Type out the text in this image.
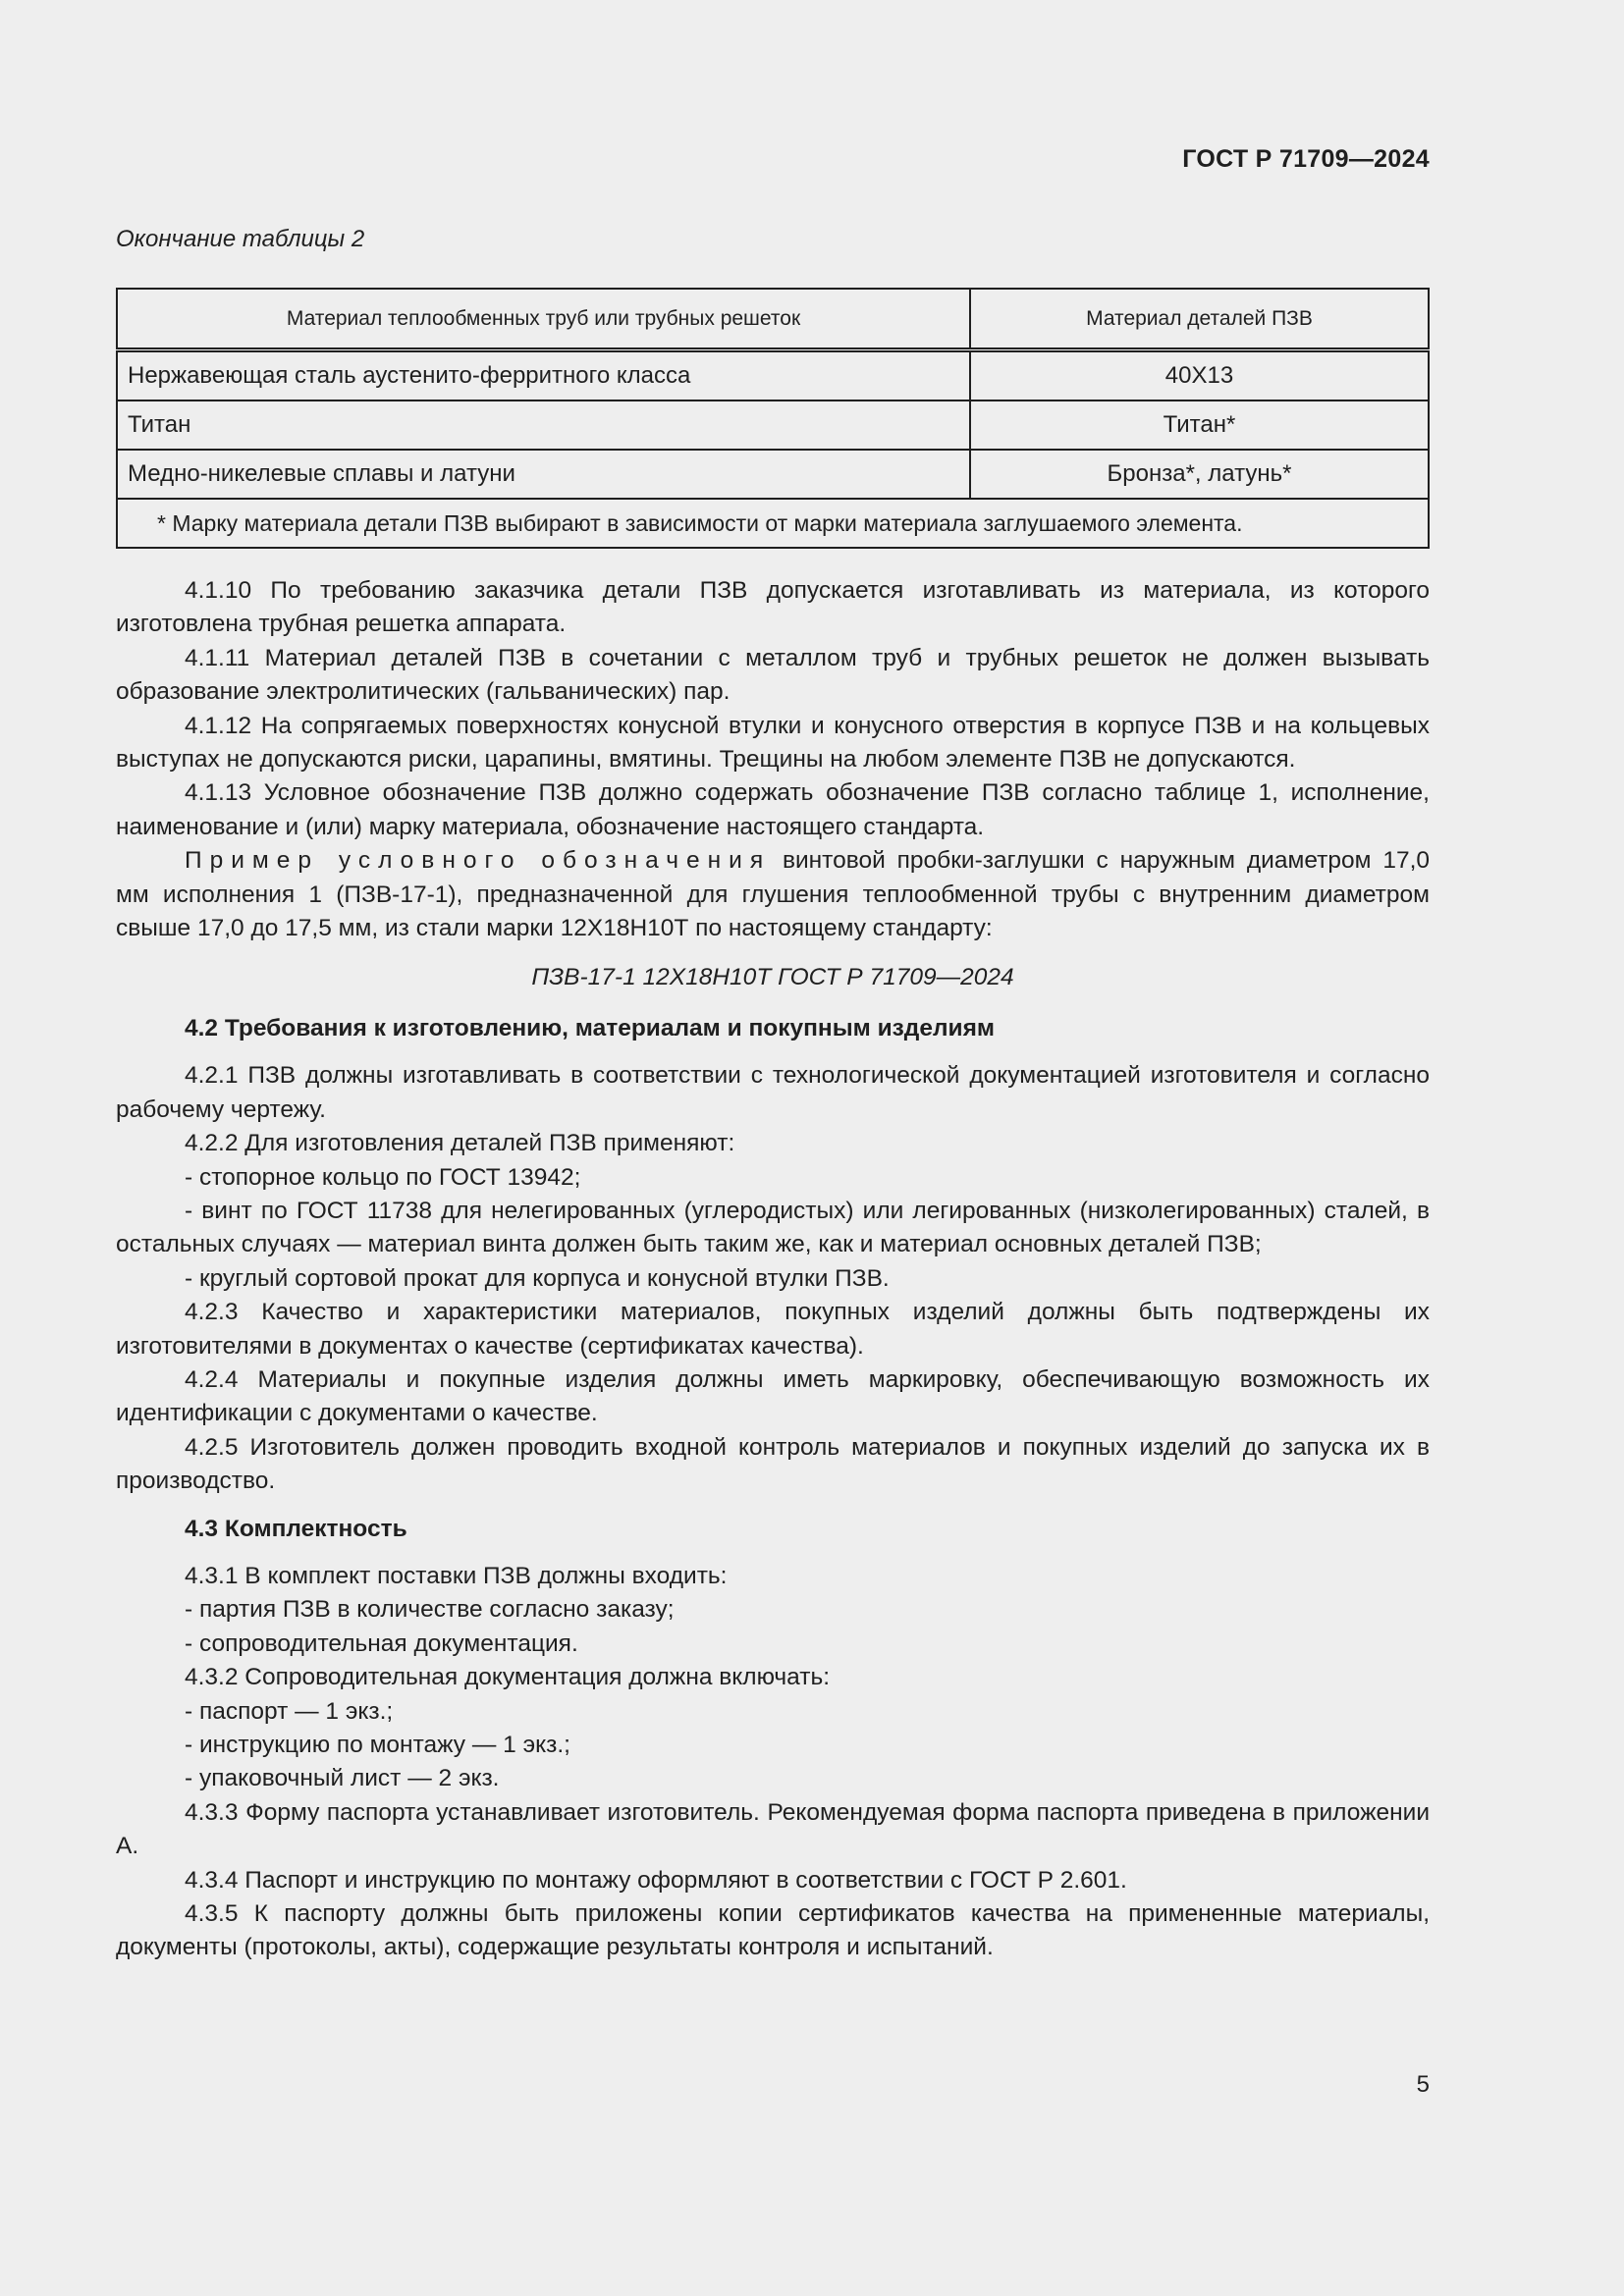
ГОСТ Р 71709—2024
Окончание таблицы 2
Материал теплообменных труб или трубных решеток	Материал деталей ПЗВ
Нержавеющая сталь аустенито-ферритного класса	40Х13
Титан	Титан*
Медно-никелевые сплавы и латуни	Бронза*, латунь*
* Марку материала детали ПЗВ выбирают в зависимости от марки материала заглушаемого элемента.	

4.1.10 По требованию заказчика детали ПЗВ допускается изготавливать из материала, из которого изготовлена трубная решетка аппарата.

4.1.11 Материал деталей ПЗВ в сочетании с металлом труб и трубных решеток не должен вызывать образование электролитических (гальванических) пар.

4.1.12 На сопрягаемых поверхностях конусной втулки и конусного отверстия в корпусе ПЗВ и на кольцевых выступах не допускаются риски, царапины, вмятины. Трещины на любом элементе ПЗВ не допускаются.

4.1.13 Условное обозначение ПЗВ должно содержать обозначение ПЗВ согласно таблице 1, исполнение, наименование и (или) марку материала, обозначение настоящего стандарта.

Пример условного обозначения винтовой пробки-заглушки с наружным диаметром 17,0 мм исполнения 1 (ПЗВ-17-1), предназначенной для глушения теплообменной трубы с внутренним диаметром свыше 17,0 до 17,5 мм, из стали марки 12Х18Н10Т по настоящему стандарту:

ПЗВ-17-1 12Х18Н10Т ГОСТ Р 71709—2024

4.2 Требования к изготовлению, материалам и покупным изделиям

4.2.1 ПЗВ должны изготавливать в соответствии с технологической документацией изготовителя и согласно рабочему чертежу.

4.2.2 Для изготовления деталей ПЗВ применяют:

- стопорное кольцо по ГОСТ 13942;

- винт по ГОСТ 11738 для нелегированных (углеродистых) или легированных (низколегированных) сталей, в остальных случаях — материал винта должен быть таким же, как и материал основных деталей ПЗВ;

- круглый сортовой прокат для корпуса и конусной втулки ПЗВ.

4.2.3 Качество и характеристики материалов, покупных изделий должны быть подтверждены их изготовителями в документах о качестве (сертификатах качества).

4.2.4 Материалы и покупные изделия должны иметь маркировку, обеспечивающую возможность их идентификации с документами о качестве.

4.2.5 Изготовитель должен проводить входной контроль материалов и покупных изделий до запуска их в производство.

4.3 Комплектность

4.3.1 В комплект поставки ПЗВ должны входить:

- партия ПЗВ в количестве согласно заказу;

- сопроводительная документация.

4.3.2 Сопроводительная документация должна включать:

- паспорт — 1 экз.;

- инструкцию по монтажу — 1 экз.;

- упаковочный лист — 2 экз.

4.3.3 Форму паспорта устанавливает изготовитель. Рекомендуемая форма паспорта приведена в приложении А.

4.3.4 Паспорт и инструкцию по монтажу оформляют в соответствии с ГОСТ Р 2.601.

4.3.5 К паспорту должны быть приложены копии сертификатов качества на примененные материалы, документы (протоколы, акты), содержащие результаты контроля и испытаний.

5
